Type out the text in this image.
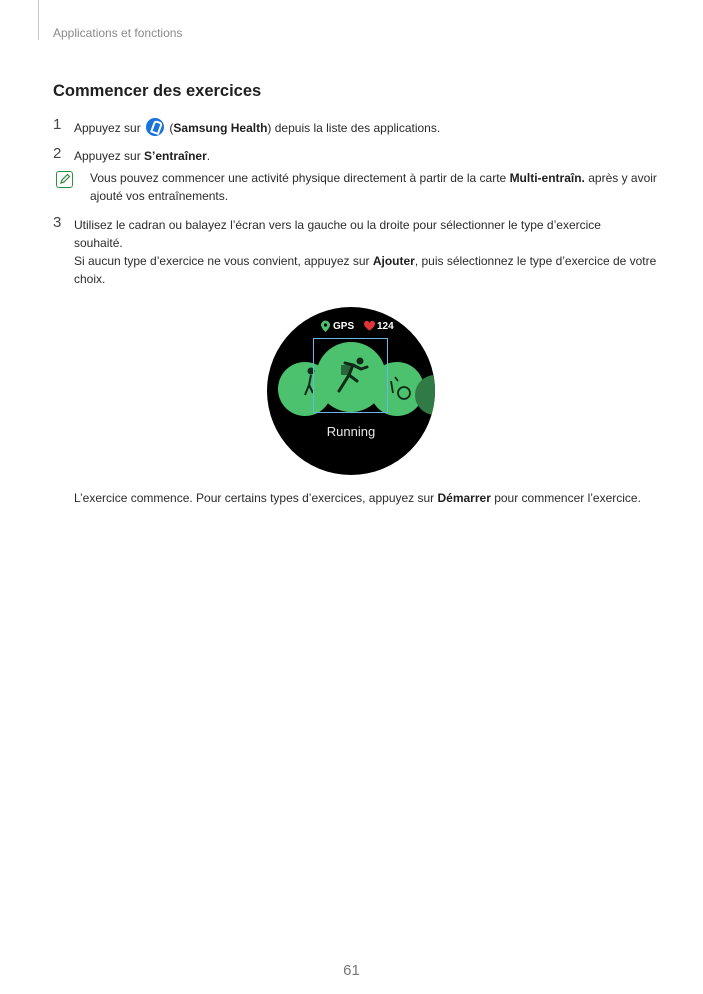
Applications et fonctions
Commencer des exercices
1 Appuyez sur  (Samsung Health) depuis la liste des applications.
2 Appuyez sur S’entraîner.
Vous pouvez commencer une activité physique directement à partir de la carte Multi-entraîn. après y avoir ajouté vos entraînements.
3 Utilisez le cadran ou balayez l’écran vers la gauche ou la droite pour sélectionner le type d’exercice
souhaité.
Si aucun type d’exercice ne vous convient, appuyez sur Ajouter, puis sélectionnez le type d’exercice de votre choix.
GPS 124
Running
L’exercice commence. Pour certains types d’exercices, appuyez sur Démarrer pour commencer l’exercice.
61
